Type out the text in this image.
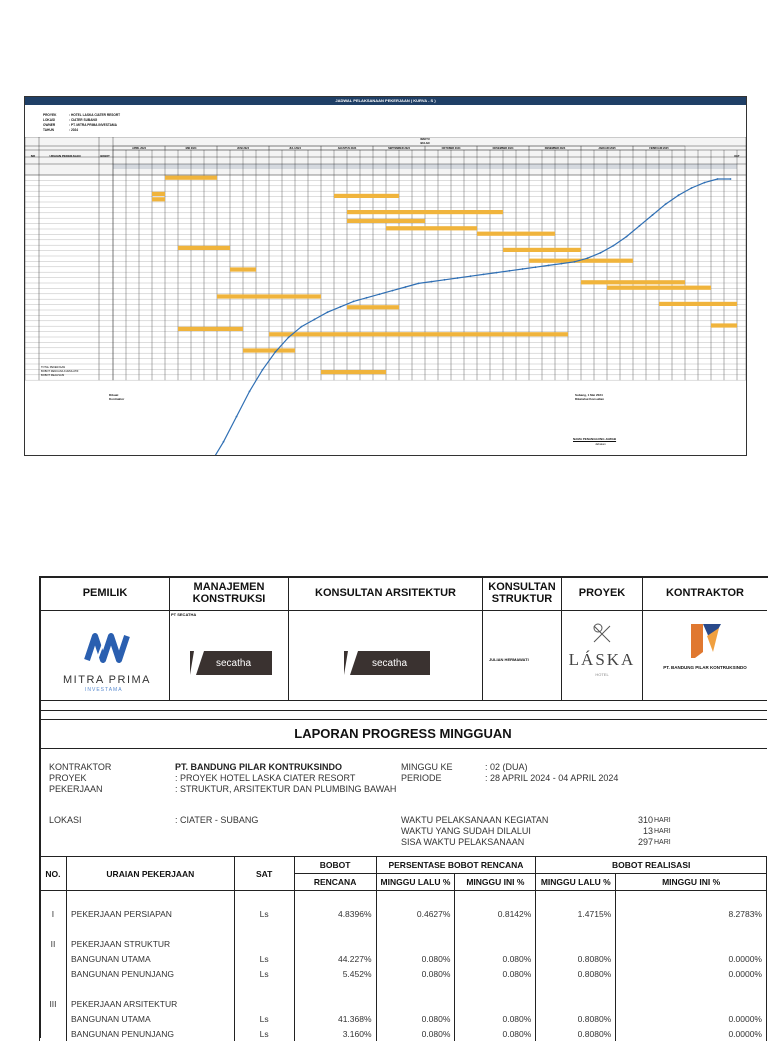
JADWAL PELAKSANAAN PEKERJAAN ( KURVA - S )
PROYEK	: HOTEL LASKA CIATER RESORT
LOKASI	: CIATER SUBANG
OWNER	: PT. MITRA PRIMA INVESTAMA
TAHUN	: 2024
NO	URAIAN PEKERJAAN	BOBOT	KET
WAKTU
BULAN
APRIL 2024	MEI 2024	JUNI 2024	JULI 2024	AGUSTUS 2024	SEPTEMBER 2024	OKTOBER 2024	NOVEMBER 2024	DESEMBER 2024	JANUARI 2025	FEBRUARI 2025
TOTAL PEKERJAAN
BOBOT RENCANA KUMULATIF
BOBOT REALISASI
Dibuat
Kontraktor
Subang, 1 Mei 2024
Diketahui Konsultan
NAMA PENANGGUNG JAWAB
Jabatan
PEMILIK	MANAJEMEN KONSTRUKSI	KONSULTAN ARSITEKTUR	KONSULTAN STRUKTUR	PROYEK	KONTRAKTOR
MITRA PRIMA
INVESTAMA
PT SECATHA
secatha	secatha	JULIAN HERMAWATI	LÁSKA
HOTEL
PT. BANDUNG PILAR KONTRUKSINDO
LAPORAN PROGRESS MINGGUAN
KONTRAKTOR	PT. BANDUNG PILAR KONTRUKSINDO
PROYEK	: PROYEK HOTEL LASKA CIATER RESORT
PEKERJAAN	: STRUKTUR, ARSITEKTUR DAN PLUMBING BAWAH
LOKASI	: CIATER - SUBANG
MINGGU KE	: 02 (DUA)
PERIODE	: 28 APRIL 2024 - 04 APRIL 2024
WAKTU PELAKSANAAN KEGIATAN	310 HARI
WAKTU YANG SUDAH DILALUI	13 HARI
SISA WAKTU PELAKSANAAN	297 HARI
NO.	URAIAN PEKERJAAN	SAT	BOBOT	PERSENTASE BOBOT RENCANA		BOBOT REALISASI	
			RENCANA	MINGGU LALU %	MINGGU INI %	MINGGU LALU %	MINGGU INI %

I	PEKERJAAN PERSIAPAN	Ls	4.8396%	0.4627%	0.8142%	1.4715%	8.2783%

II	PEKERJAAN STRUKTUR						
	BANGUNAN UTAMA	Ls	44.227%	0.080%	0.080%	0.8080%	0.0000%
	BANGUNAN PENUNJANG	Ls	5.452%	0.080%	0.080%	0.8080%	0.0000%

III	PEKERJAAN ARSITEKTUR						
	BANGUNAN UTAMA	Ls	41.368%	0.080%	0.080%	0.8080%	0.0000%
	BANGUNAN PENUNJANG	Ls	3.160%	0.080%	0.080%	0.8080%	0.0000%
